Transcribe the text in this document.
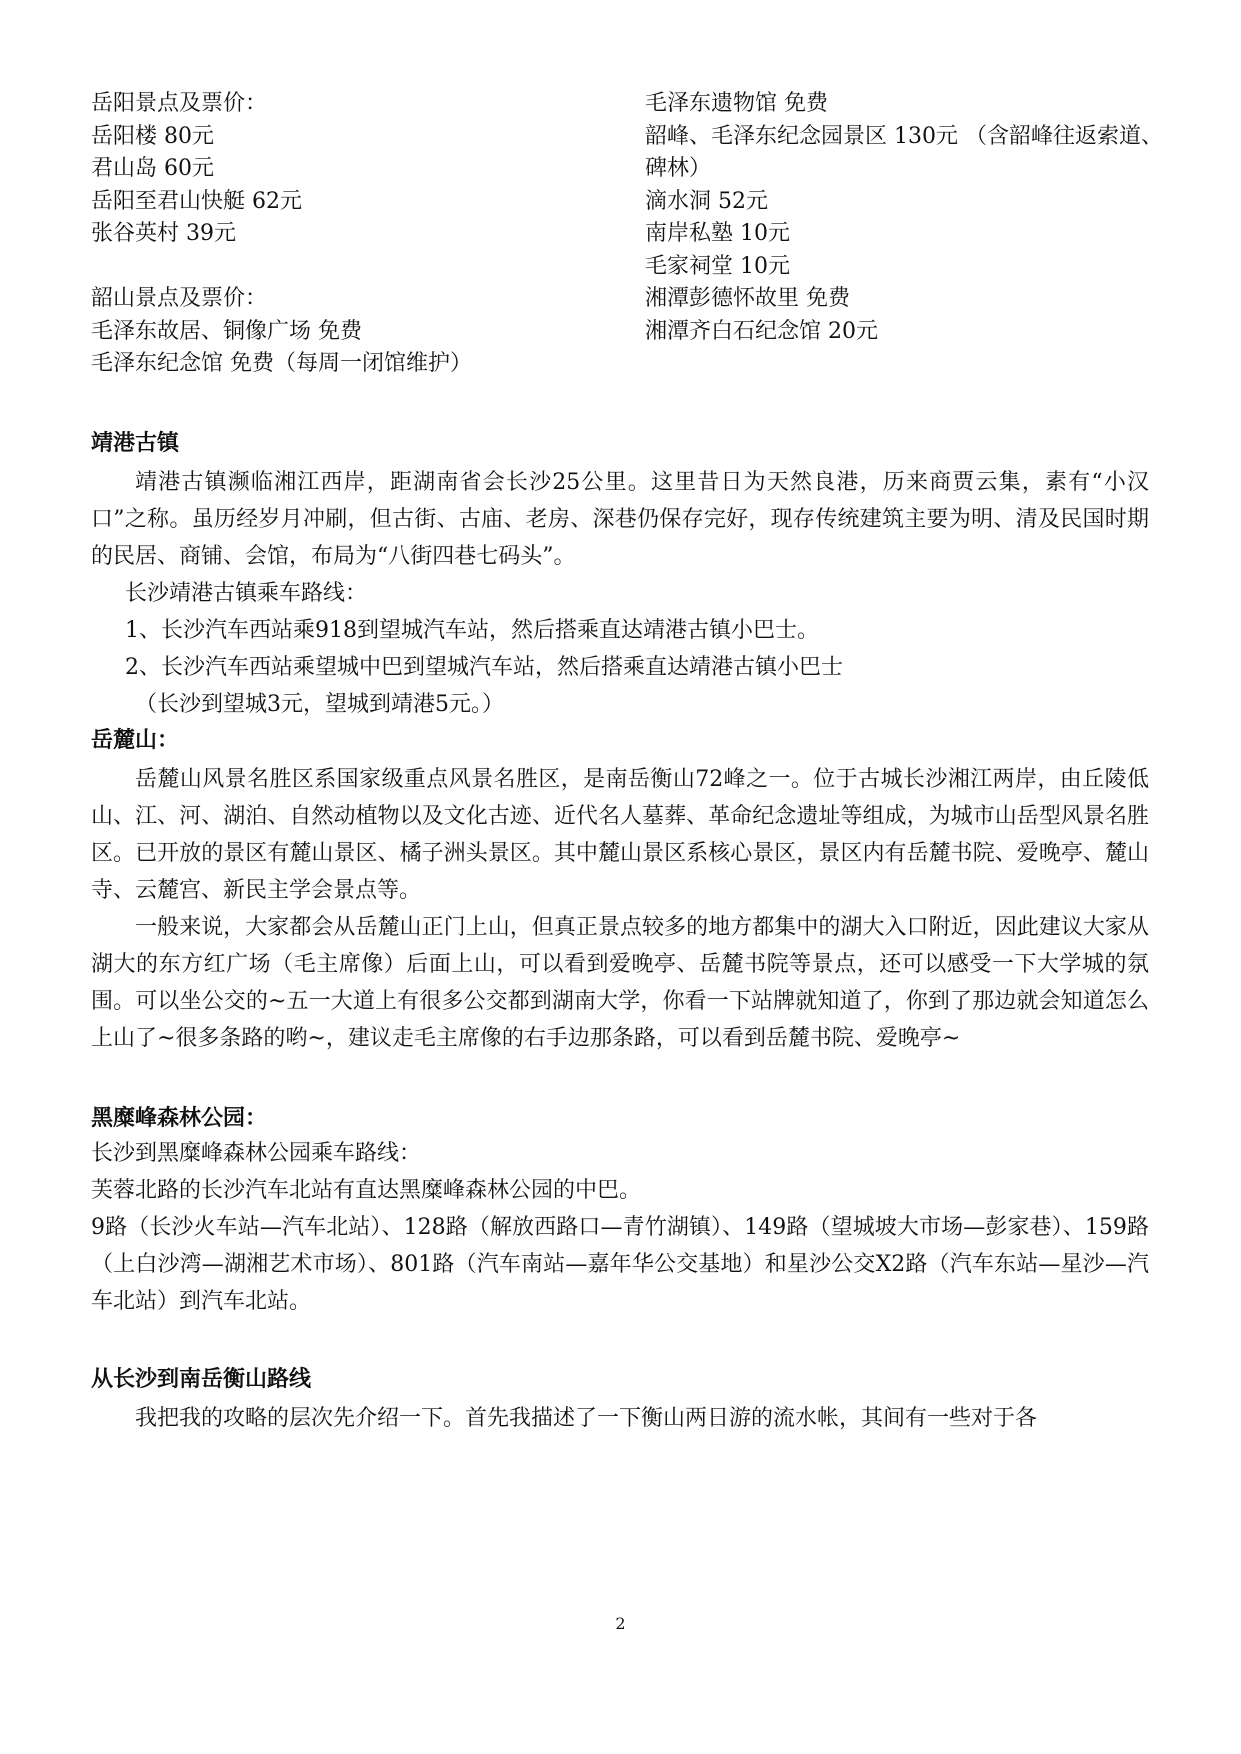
岳阳景点及票价：
岳阳楼 80元
君山岛 60元
岳阳至君山快艇 62元
张谷英村 39元
韶山景点及票价：
毛泽东故居、铜像广场 免费
毛泽东纪念馆 免费（每周一闭馆维护）
毛泽东遗物馆 免费
韶峰、毛泽东纪念园景区 130元 （含韶峰往返索道、碑林）
滴水洞 52元
南岸私塾 10元
毛家祠堂 10元
湘潭彭德怀故里 免费
湘潭齐白石纪念馆 20元
靖港古镇

靖港古镇濒临湘江西岸，距湖南省会长沙25公里。这里昔日为天然良港，历来商贾云集，素有“小汉口”之称。虽历经岁月冲刷，但古街、古庙、老房、深巷仍保存完好，现存传统建筑主要为明、清及民国时期的民居、商铺、会馆，布局为“八街四巷七码头”。

长沙靖港古镇乘车路线：
1、长沙汽车西站乘918到望城汽车站，然后搭乘直达靖港古镇小巴士。
2、长沙汽车西站乘望城中巴到望城汽车站，然后搭乘直达靖港古镇小巴士
（长沙到望城3元，望城到靖港5元。）
岳麓山：

岳麓山风景名胜区系国家级重点风景名胜区，是南岳衡山72峰之一。位于古城长沙湘江两岸，由丘陵低山、江、河、湖泊、自然动植物以及文化古迹、近代名人墓葬、革命纪念遗址等组成，为城市山岳型风景名胜区。已开放的景区有麓山景区、橘子洲头景区。其中麓山景区系核心景区，景区内有岳麓书院、爱晚亭、麓山寺、云麓宫、新民主学会景点等。

一般来说，大家都会从岳麓山正门上山，但真正景点较多的地方都集中的湖大入口附近，因此建议大家从湖大的东方红广场（毛主席像）后面上山，可以看到爱晚亭、岳麓书院等景点，还可以感受一下大学城的氛围。可以坐公交的~五一大道上有很多公交都到湖南大学，你看一下站牌就知道了，你到了那边就会知道怎么上山了~很多条路的哟~，建议走毛主席像的右手边那条路，可以看到岳麓书院、爱晚亭~

黑糜峰森林公园：
长沙到黑糜峰森林公园乘车路线：
芙蓉北路的长沙汽车北站有直达黑糜峰森林公园的中巴。

9路（长沙火车站—汽车北站）、128路（解放西路口—青竹湖镇）、149路（望城坡大市场—彭家巷）、159路（上白沙湾—湖湘艺术市场）、801路（汽车南站—嘉年华公交基地）和星沙公交X2路（汽车东站—星沙—汽车北站）到汽车北站。

从长沙到南岳衡山路线

我把我的攻略的层次先介绍一下。首先我描述了一下衡山两日游的流水帐，其间有一些对于各

2
